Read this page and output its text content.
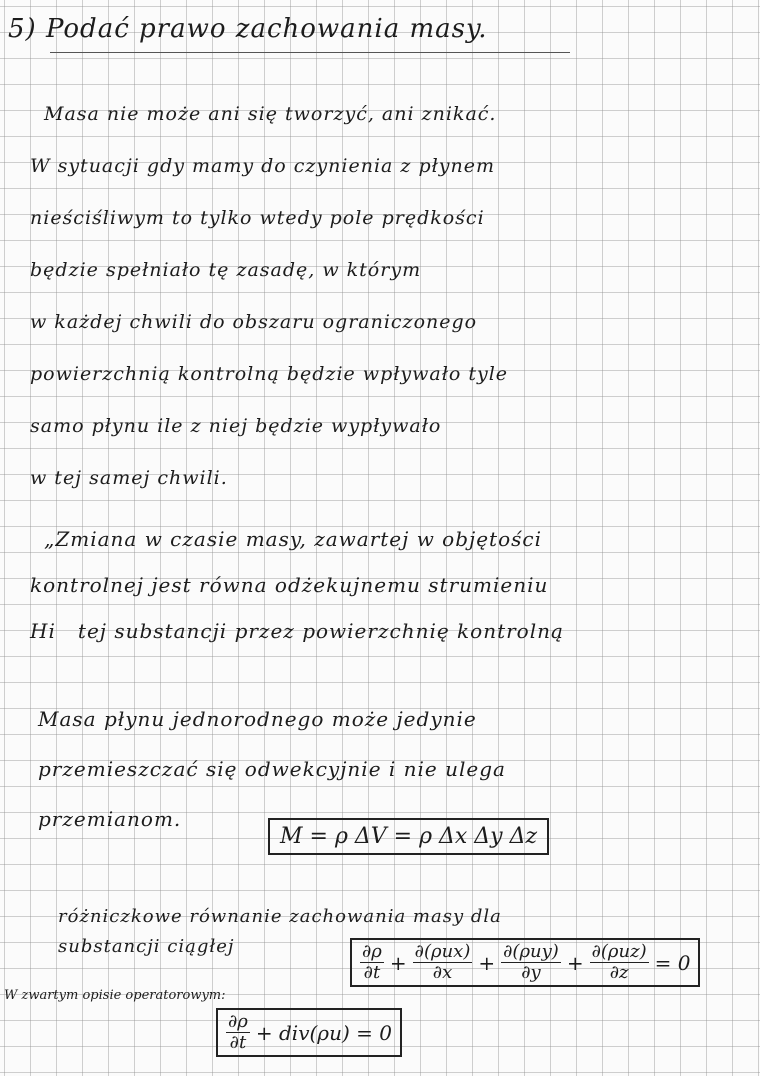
5) Podać prawo zachowania masy.

Masa nie może ani się tworzyć, ani znikać.
W sytuacji gdy mamy do czynienia z płynem
nieściśliwym to tylko wtedy pole prędkości
będzie spełniało tę zasadę, w którym
w każdej chwili do obszaru ograniczonego
powierzchnią kontrolną będzie wpływało tyle
samo płynu ile z niej będzie wypływało
w tej samej chwili.

„Zmiana w czasie masy, zawartej w objętości
kontrolnej jest równa odżekujnemu strumieniu
Hi tej substancji przez powierzchnię kontrolną

Masa płynu jednorodnego może jedynie
przemieszczać się odwekcyjnie i nie ulega
przemianom.

M = ρ ΔV = ρ Δx Δy Δz

różniczkowe równanie zachowania masy dla
substancji ciągłej	$\frac{\partial\rho}{\partial t} + \frac{\text{∂(ρux)}}{\partial x} + \frac{\text{∂(ρuy)}}{\partial y} + \frac{\text{∂(ρuz)}}{\partial z} = 0$
W zwartym opisie operatorowym:
$\frac{\partial\rho}{\partial t} + div(\rho u) = 0$
